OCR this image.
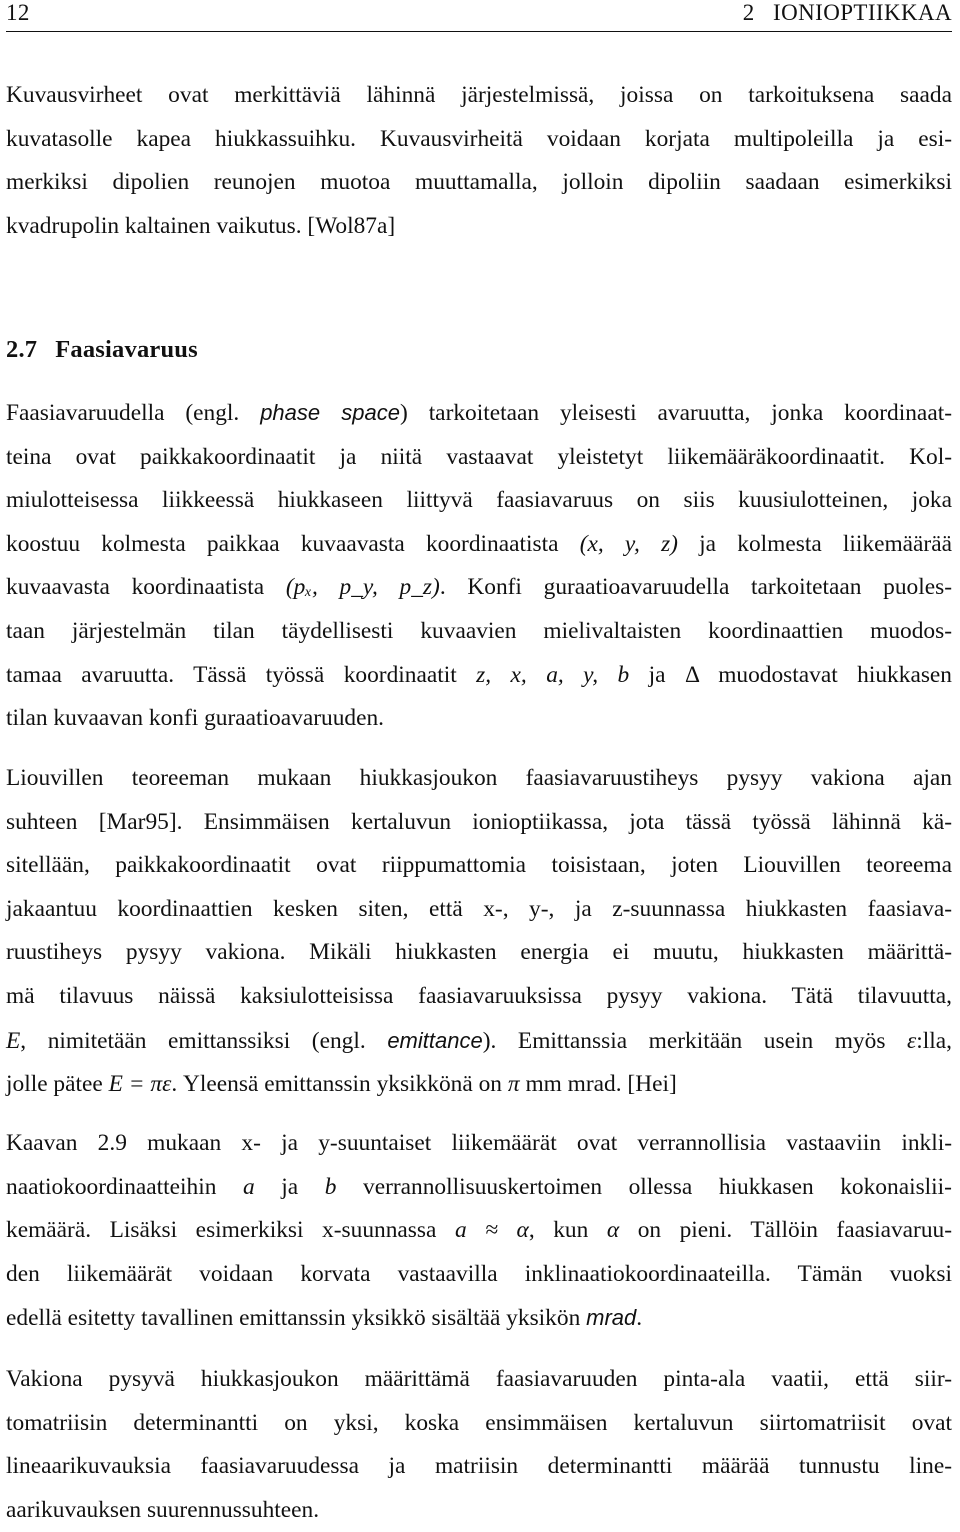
12	2   IONIOPTIIKKAA

Kuvausvirheet ovat merkittäviä lähinnä järjestelmissä, joissa on tarkoituksena saada
kuvatasolle kapea hiukkassuihku. Kuvausvirheitä voidaan korjata multipoleilla ja esi-
merkiksi dipolien reunojen muotoa muuttamalla, jolloin dipoliin saadaan esimerkiksi
kvadrupolin kaltainen vaikutus. [Wol87a]

2.7 Faasiavaruus

Faasiavaruudella (engl. phase space) tarkoitetaan yleisesti avaruutta, jonka koordinaat-
teina ovat paikkakoordinaatit ja niitä vastaavat yleistetyt liikemääräkoordinaatit. Kol-
miulotteisessa liikkeessä hiukkaseen liittyvä faasiavaruus on siis kuusiulotteinen, joka
koostuu kolmesta paikkaa kuvaavasta koordinaatista (x, y, z) ja kolmesta liikemäärää
kuvaavasta koordinaatista (pₓ, p_y, p_z). Konfi guraatioavaruudella tarkoitetaan puoles-
taan järjestelmän tilan täydellisesti kuvaavien mielivaltaisten koordinaattien muodos-
tamaa avaruutta. Tässä työssä koordinaatit z, x, a, y, b ja Δ muodostavat hiukkasen
tilan kuvaavan konfi guraatioavaruuden.

Liouvillen teoreeman mukaan hiukkasjoukon faasiavaruustiheys pysyy vakiona ajan
suhteen [Mar95]. Ensimmäisen kertaluvun ionioptiikassa, jota tässä työssä lähinnä kä-
sitellään, paikkakoordinaatit ovat riippumattomia toisistaan, joten Liouvillen teoreema
jakaantuu koordinaattien kesken siten, että x-, y-, ja z-suunnassa hiukkasten faasiava-
ruustiheys pysyy vakiona. Mikäli hiukkasten energia ei muutu, hiukkasten määrittä-
mä tilavuus näissä kaksiulotteisissa faasiavaruuksissa pysyy vakiona. Tätä tilavuutta,
E, nimitetään emittanssiksi (engl. emittance). Emittanssia merkitään usein myös ε:lla,
jolle pätee E = πε. Yleensä emittanssin yksikkönä on π mm mrad. [Hei]

Kaavan 2.9 mukaan x- ja y-suuntaiset liikemäärät ovat verrannollisia vastaaviin inkli-
naatiokoordinaatteihin a ja b verrannollisuuskertoimen ollessa hiukkasen kokonaislii-
kemäärä. Lisäksi esimerkiksi x-suunnassa a ≈ α, kun α on pieni. Tällöin faasiavaruu-
den liikemäärät voidaan korvata vastaavilla inklinaatiokoordinaateilla. Tämän vuoksi
edellä esitetty tavallinen emittanssin yksikkö sisältää yksikön mrad.

Vakiona pysyvä hiukkasjoukon määrittämä faasiavaruuden pinta-ala vaatii, että siir-
tomatriisin determinantti on yksi, koska ensimmäisen kertaluvun siirtomatriisit ovat
lineaarikuvauksia faasiavaruudessa ja matriisin determinantti määrää tunnustu line-
aarikuvauksen suurennussuhteen.
